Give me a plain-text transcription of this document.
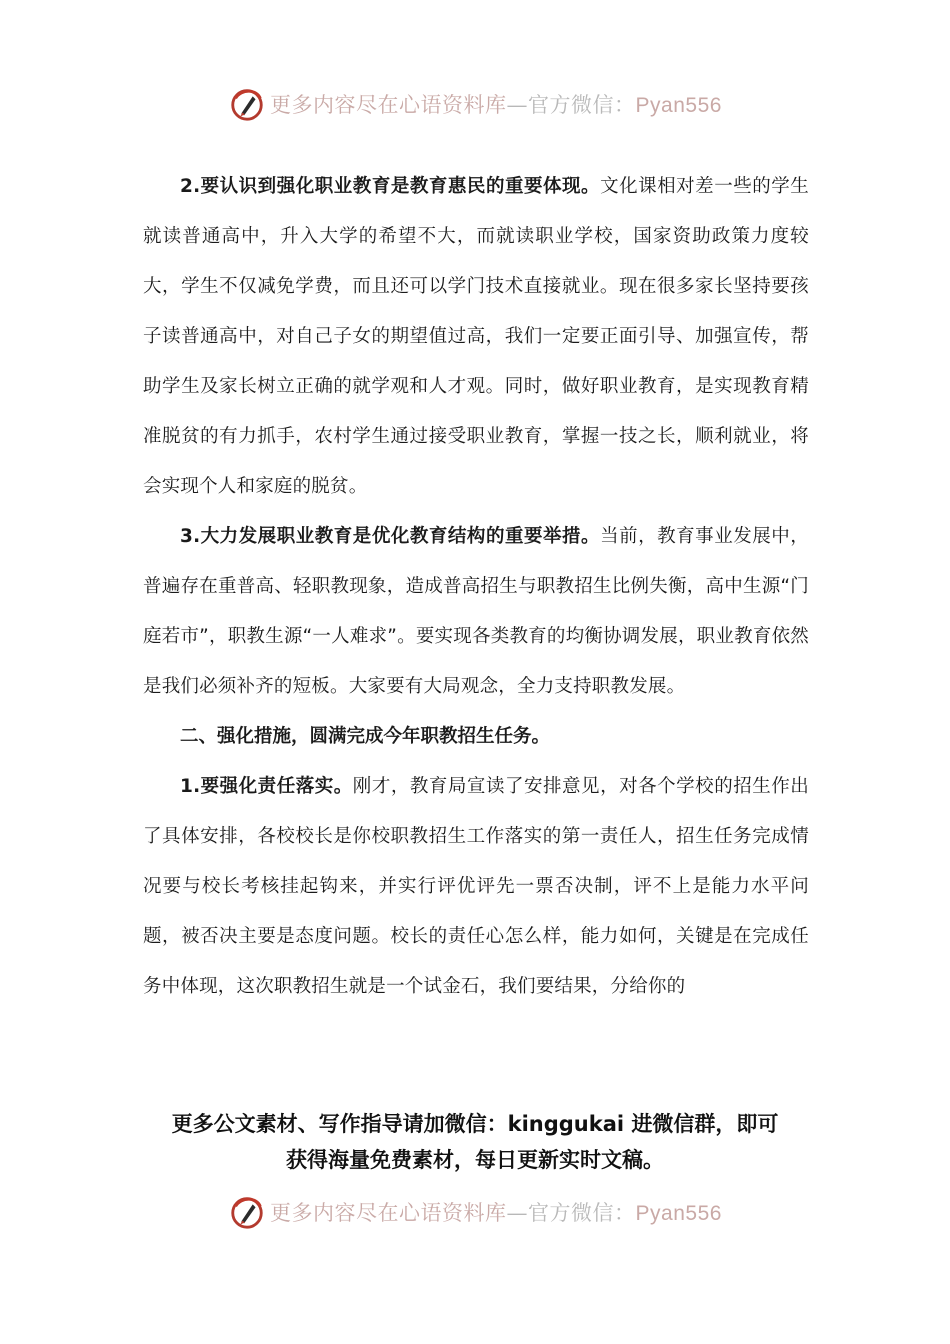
更多内容尽在心语资料库—官方微信：Pyan556

2.要认识到强化职业教育是教育惠民的重要体现。文化课相对差一些的学生就读普通高中，升入大学的希望不大，而就读职业学校，国家资助政策力度较大，学生不仅减免学费，而且还可以学门技术直接就业。现在很多家长坚持要孩子读普通高中，对自己子女的期望值过高，我们一定要正面引导、加强宣传，帮助学生及家长树立正确的就学观和人才观。同时，做好职业教育，是实现教育精准脱贫的有力抓手，农村学生通过接受职业教育，掌握一技之长，顺利就业，将会实现个人和家庭的脱贫。

3.大力发展职业教育是优化教育结构的重要举措。当前，教育事业发展中，普遍存在重普高、轻职教现象，造成普高招生与职教招生比例失衡，高中生源“门庭若市”，职教生源“一人难求”。要实现各类教育的均衡协调发展，职业教育依然是我们必须补齐的短板。大家要有大局观念，全力支持职教发展。

二、强化措施，圆满完成今年职教招生任务。

1.要强化责任落实。刚才，教育局宣读了安排意见，对各个学校的招生作出了具体安排，各校校长是你校职教招生工作落实的第一责任人，招生任务完成情况要与校长考核挂起钩来，并实行评优评先一票否决制，评不上是能力水平问题，被否决主要是态度问题。校长的责任心怎么样，能力如何，关键是在完成任务中体现，这次职教招生就是一个试金石，我们要结果，分给你的

更多公文素材、写作指导请加微信：kinggukai 进微信群，即可
获得海量免费素材，每日更新实时文稿。
更多内容尽在心语资料库—官方微信：Pyan556
